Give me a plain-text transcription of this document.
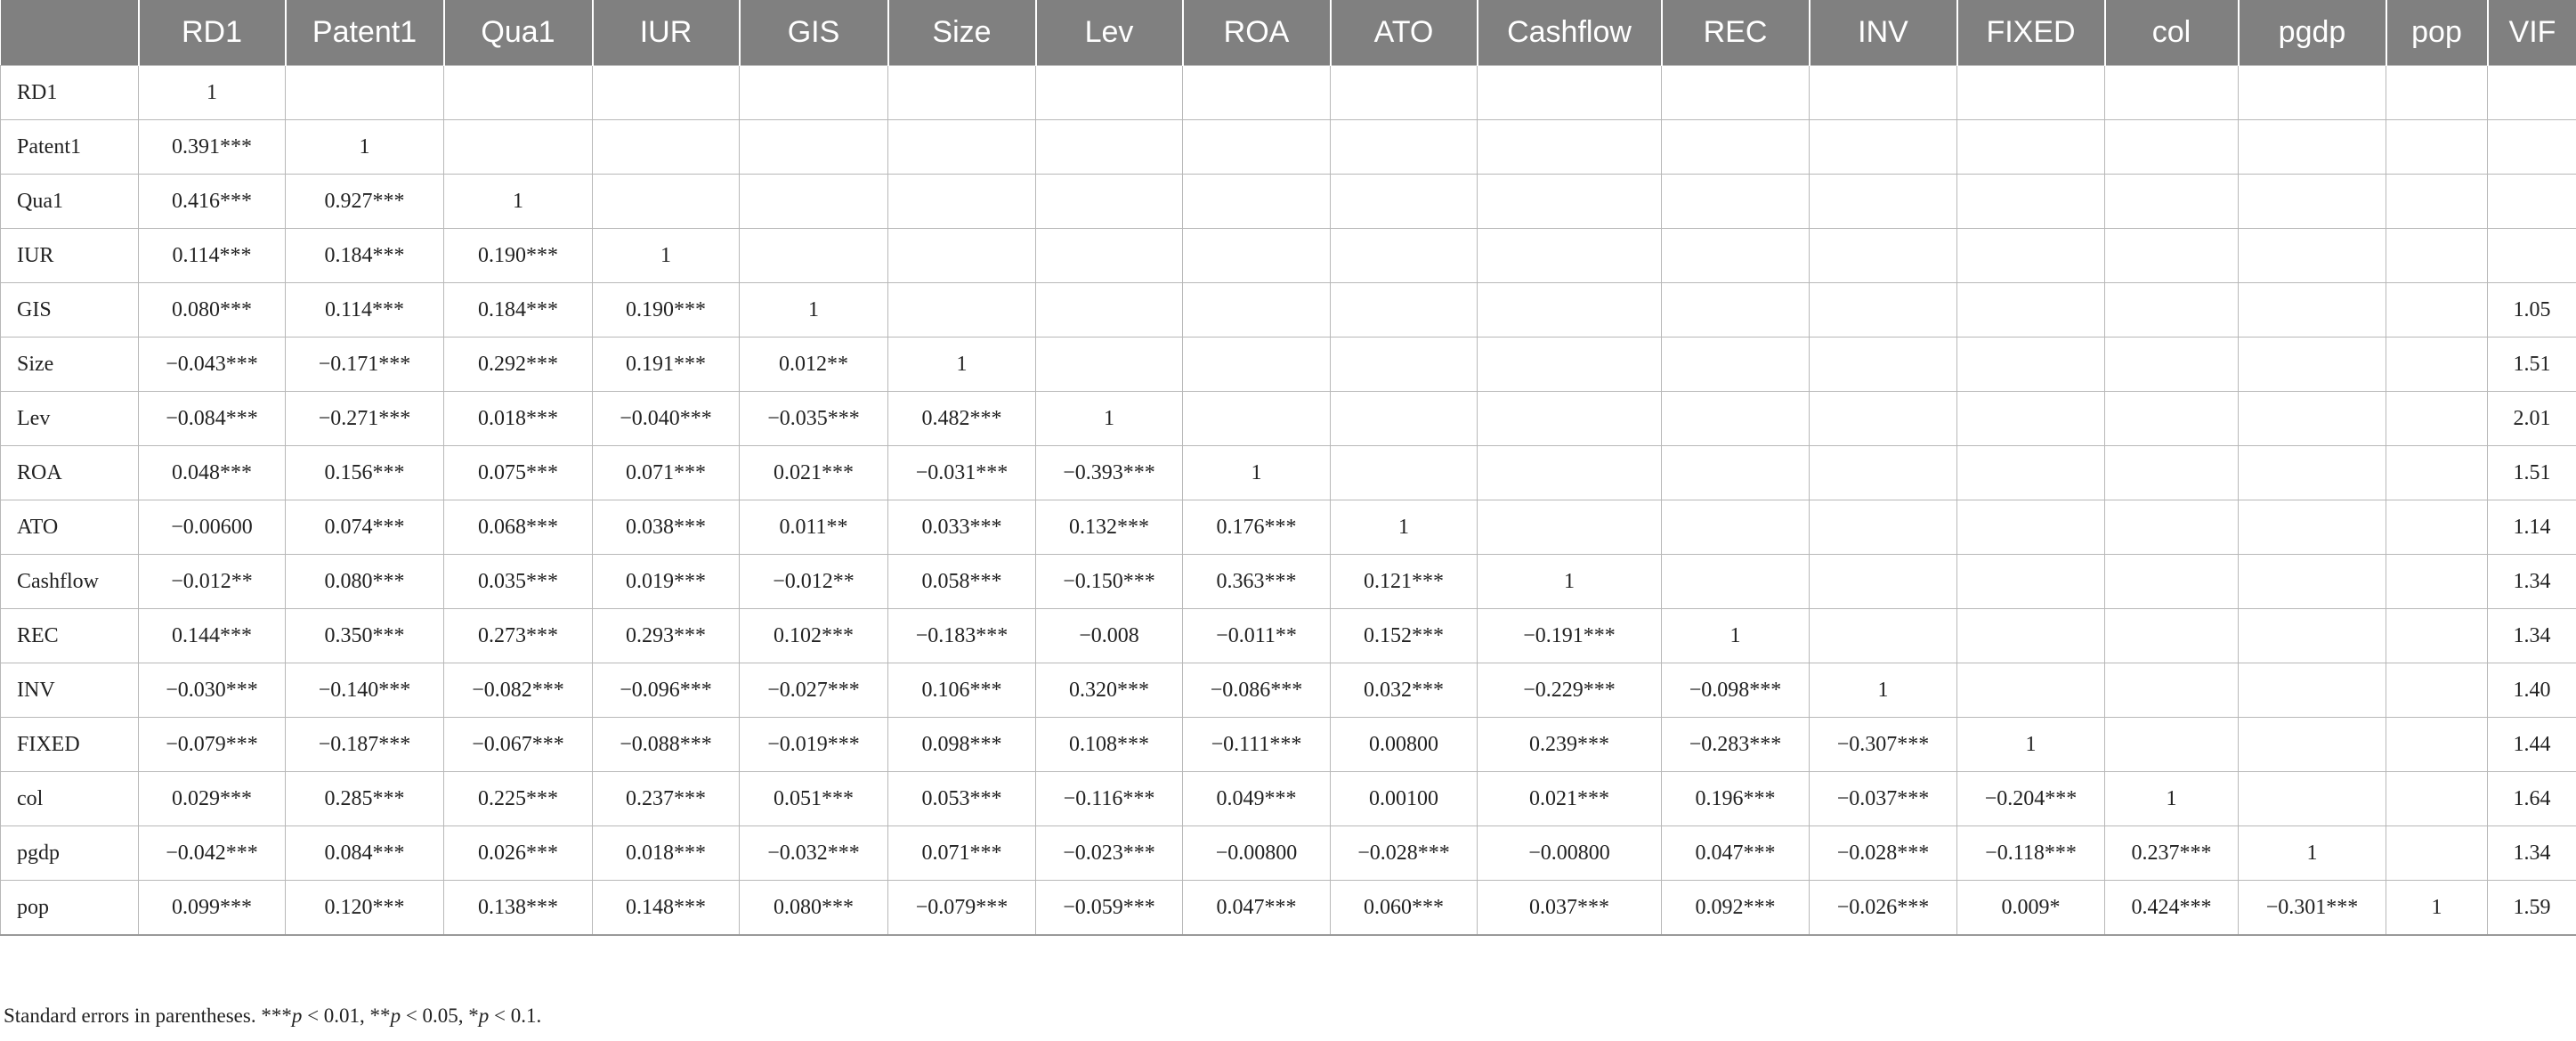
	RD1	Patent1	Qua1	IUR	GIS	Size	Lev	ROA	ATO	Cashflow	REC	INV	FIXED	col	pgdp	pop	VIF
RD1	1																
Patent1	0.391***	1															
Qua1	0.416***	0.927***	1														
IUR	0.114***	0.184***	0.190***	1													
GIS	0.080***	0.114***	0.184***	0.190***	1												1.05
Size	−0.043***	−0.171***	0.292***	0.191***	0.012**	1											1.51
Lev	−0.084***	−0.271***	0.018***	−0.040***	−0.035***	0.482***	1										2.01
ROA	0.048***	0.156***	0.075***	0.071***	0.021***	−0.031***	−0.393***	1									1.51
ATO	−0.00600	0.074***	0.068***	0.038***	0.011**	0.033***	0.132***	0.176***	1								1.14
Cashflow	−0.012**	0.080***	0.035***	0.019***	−0.012**	0.058***	−0.150***	0.363***	0.121***	1							1.34
REC	0.144***	0.350***	0.273***	0.293***	0.102***	−0.183***	−0.008	−0.011**	0.152***	−0.191***	1						1.34
INV	−0.030***	−0.140***	−0.082***	−0.096***	−0.027***	0.106***	0.320***	−0.086***	0.032***	−0.229***	−0.098***	1					1.40
FIXED	−0.079***	−0.187***	−0.067***	−0.088***	−0.019***	0.098***	0.108***	−0.111***	0.00800	0.239***	−0.283***	−0.307***	1				1.44
col	0.029***	0.285***	0.225***	0.237***	0.051***	0.053***	−0.116***	0.049***	0.00100	0.021***	0.196***	−0.037***	−0.204***	1			1.64
pgdp	−0.042***	0.084***	0.026***	0.018***	−0.032***	0.071***	−0.023***	−0.00800	−0.028***	−0.00800	0.047***	−0.028***	−0.118***	0.237***	1		1.34
pop	0.099***	0.120***	0.138***	0.148***	0.080***	−0.079***	−0.059***	0.047***	0.060***	0.037***	0.092***	−0.026***	0.009*	0.424***	−0.301***	1	1.59
Standard errors in parentheses. ***p < 0.01, **p < 0.05, *p < 0.1.
